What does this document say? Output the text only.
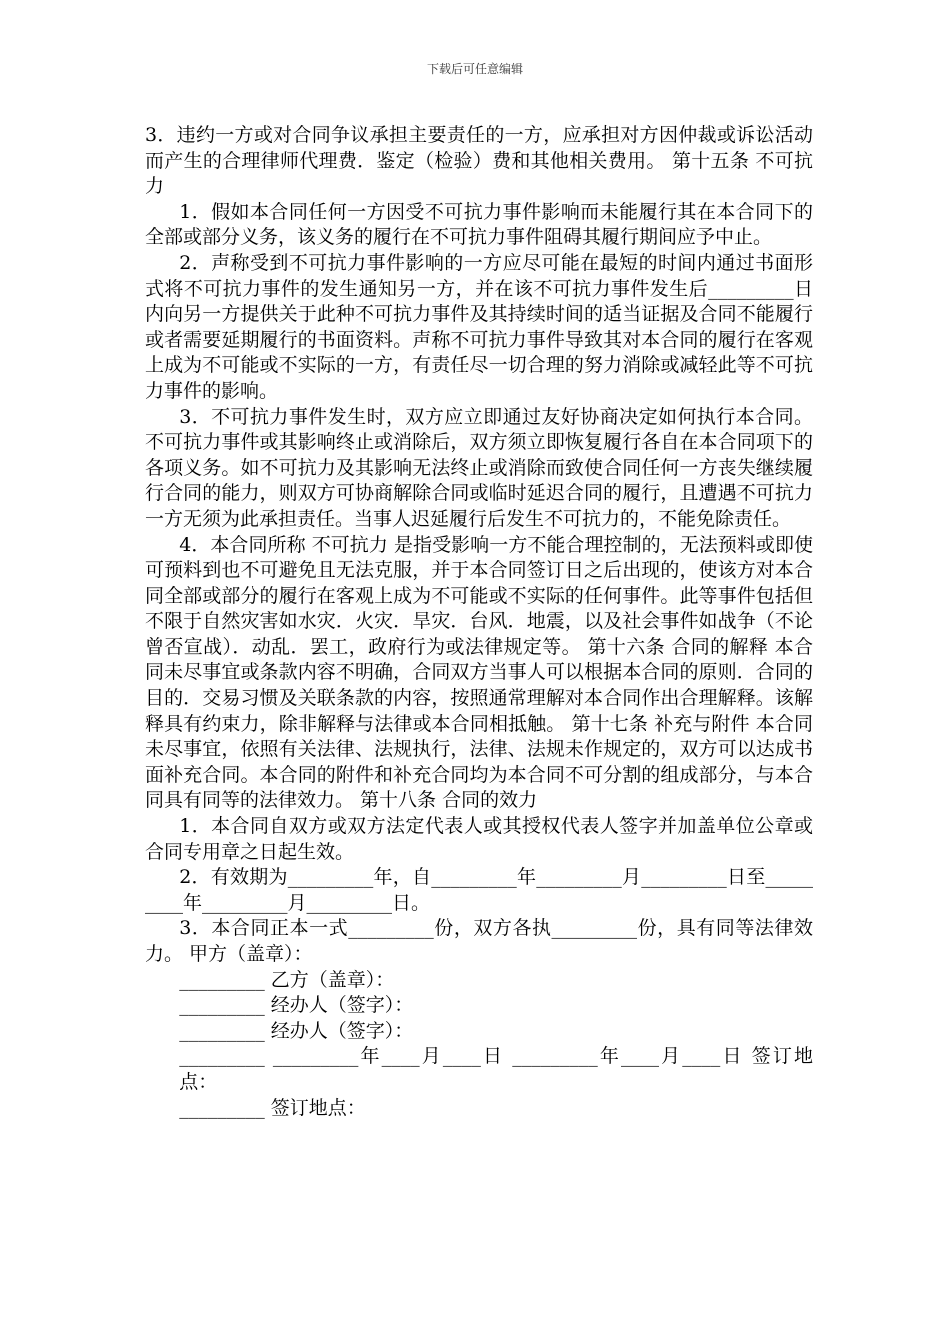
下载后可任意编辑

3．违约一方或对合同争议承担主要责任的一方，应承担对方因仲裁或诉讼活动而产生的合理律师代理费．鉴定（检验）费和其他相关费用。 第十五条 不可抗力

1．假如本合同任何一方因受不可抗力事件影响而未能履行其在本合同下的全部或部分义务，该义务的履行在不可抗力事件阻碍其履行期间应予中止。

2．声称受到不可抗力事件影响的一方应尽可能在最短的时间内通过书面形式将不可抗力事件的发生通知另一方，并在该不可抗力事件发生后_________日内向另一方提供关于此种不可抗力事件及其持续时间的适当证据及合同不能履行或者需要延期履行的书面资料。声称不可抗力事件导致其对本合同的履行在客观上成为不可能或不实际的一方，有责任尽一切合理的努力消除或减轻此等不可抗力事件的影响。

3．不可抗力事件发生时，双方应立即通过友好协商决定如何执行本合同。不可抗力事件或其影响终止或消除后，双方须立即恢复履行各自在本合同项下的各项义务。如不可抗力及其影响无法终止或消除而致使合同任何一方丧失继续履行合同的能力，则双方可协商解除合同或临时延迟合同的履行，且遭遇不可抗力一方无须为此承担责任。当事人迟延履行后发生不可抗力的，不能免除责任。

4．本合同所称 不可抗力 是指受影响一方不能合理控制的，无法预料或即使可预料到也不可避免且无法克服，并于本合同签订日之后出现的，使该方对本合同全部或部分的履行在客观上成为不可能或不实际的任何事件。此等事件包括但不限于自然灾害如水灾．火灾．旱灾．台风．地震，以及社会事件如战争（不论曾否宣战）．动乱．罢工，政府行为或法律规定等。 第十六条 合同的解释 本合同未尽事宜或条款内容不明确，合同双方当事人可以根据本合同的原则．合同的目的．交易习惯及关联条款的内容，按照通常理解对本合同作出合理解释。该解释具有约束力，除非解释与法律或本合同相抵触。 第十七条 补充与附件 本合同未尽事宜，依照有关法律、法规执行，法律、法规未作规定的，双方可以达成书面补充合同。本合同的附件和补充合同均为本合同不可分割的组成部分，与本合同具有同等的法律效力。 第十八条 合同的效力

1．本合同自双方或双方法定代表人或其授权代表人签字并加盖单位公章或合同专用章之日起生效。

2．有效期为_________年，自_________年_________月_________日至_________年_________月_________日。

3．本合同正本一式_________份，双方各执_________份，具有同等法律效力。 甲方（盖章）：

_________ 乙方（盖章）：

_________ 经办人（签字）：

_________ 经办人（签字）：

_________ _________年____月____日 _________年____月____日 签订地点：

_________ 签订地点：
